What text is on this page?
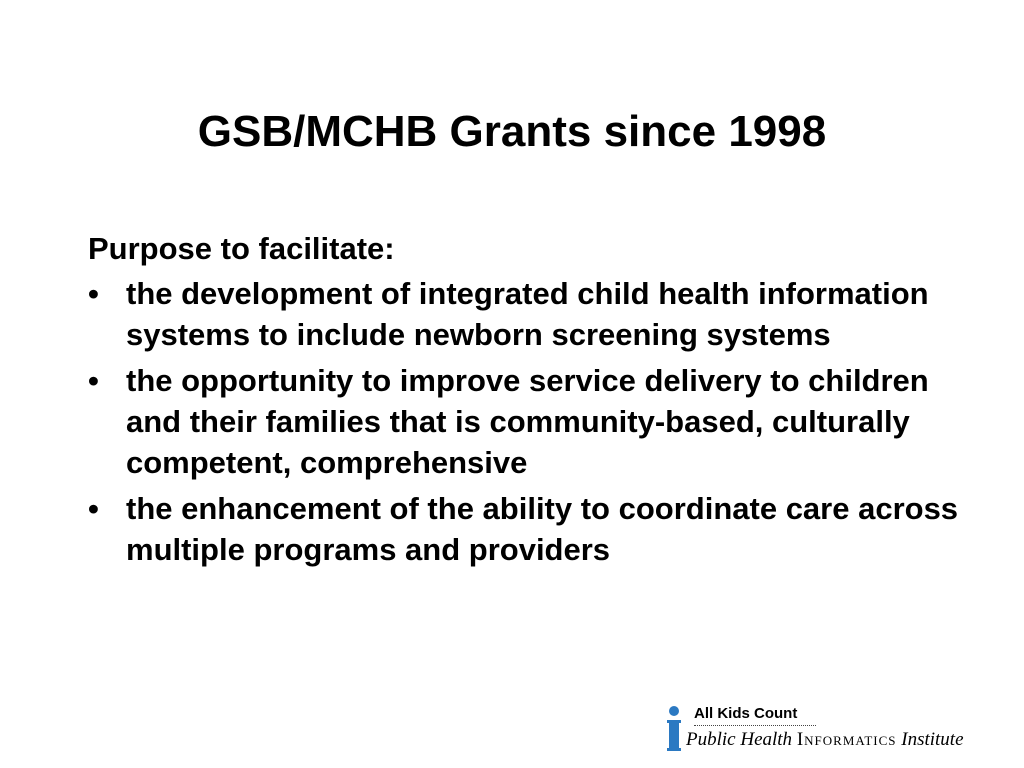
GSB/MCHB Grants since 1998

Purpose to facilitate:

• the development of integrated child health information systems to include newborn screening systems
• the opportunity to improve service delivery to children and their families that is community-based, culturally competent, comprehensive
• the enhancement of the ability to coordinate care across multiple programs and providers
All Kids Count
Public Health Informatics Institute
